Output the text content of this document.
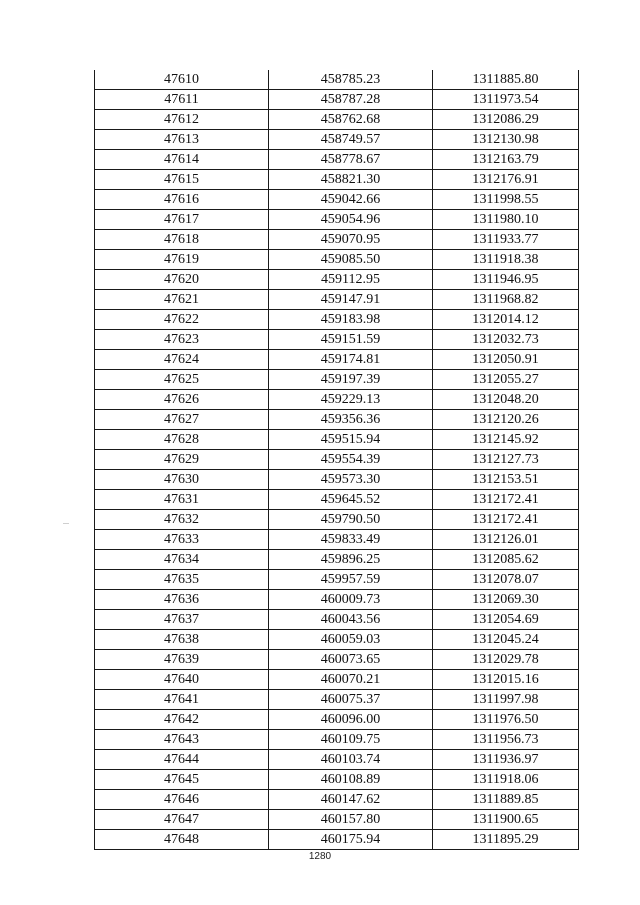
47610	458785.23	1311885.80
47611	458787.28	1311973.54
47612	458762.68	1312086.29
47613	458749.57	1312130.98
47614	458778.67	1312163.79
47615	458821.30	1312176.91
47616	459042.66	1311998.55
47617	459054.96	1311980.10
47618	459070.95	1311933.77
47619	459085.50	1311918.38
47620	459112.95	1311946.95
47621	459147.91	1311968.82
47622	459183.98	1312014.12
47623	459151.59	1312032.73
47624	459174.81	1312050.91
47625	459197.39	1312055.27
47626	459229.13	1312048.20
47627	459356.36	1312120.26
47628	459515.94	1312145.92
47629	459554.39	1312127.73
47630	459573.30	1312153.51
47631	459645.52	1312172.41
47632	459790.50	1312172.41
47633	459833.49	1312126.01
47634	459896.25	1312085.62
47635	459957.59	1312078.07
47636	460009.73	1312069.30
47637	460043.56	1312054.69
47638	460059.03	1312045.24
47639	460073.65	1312029.78
47640	460070.21	1312015.16
47641	460075.37	1311997.98
47642	460096.00	1311976.50
47643	460109.75	1311956.73
47644	460103.74	1311936.97
47645	460108.89	1311918.06
47646	460147.62	1311889.85
47647	460157.80	1311900.65
47648	460175.94	1311895.29
1280
